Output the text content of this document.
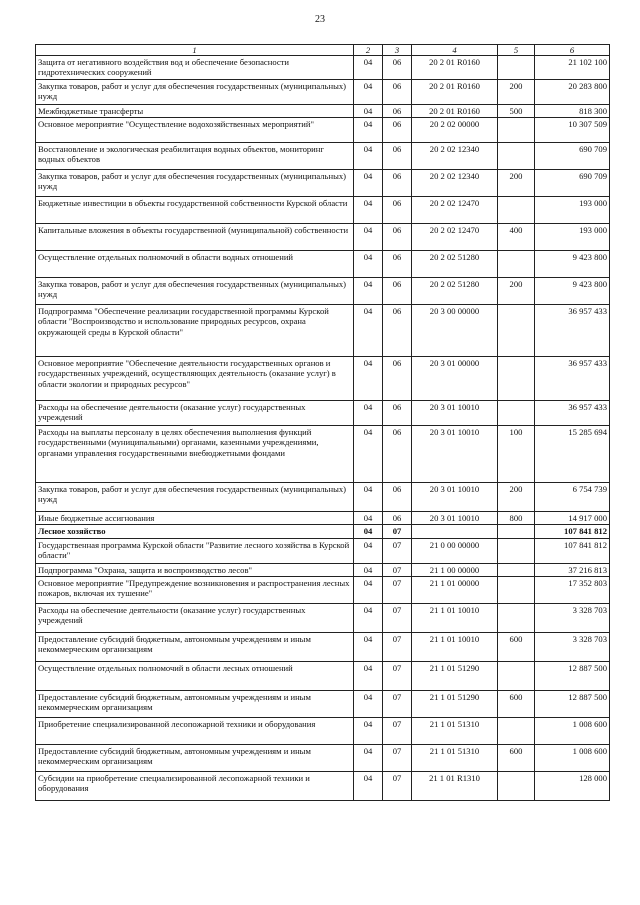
23
1	2	3	4	5	6
Защита от негативного воздействия вод и обеспечение безопасности гидротехнических сооружений	04	06	20 2 01 R0160		21 102 100
Закупка товаров, работ и услуг для обеспечения государственных (муниципальных) нужд	04	06	20 2 01 R0160	200	20 283 800
Межбюджетные трансферты	04	06	20 2 01 R0160	500	818 300
Основное мероприятие "Осуществление водохозяйственных мероприятий"	04	06	20 2 02 00000		10 307 509
Восстановление и экологическая реабилитация водных объектов, мониторинг водных объектов	04	06	20 2 02 12340		690 709
Закупка товаров, работ и услуг для обеспечения государственных (муниципальных) нужд	04	06	20 2 02 12340	200	690 709
Бюджетные инвестиции в объекты государственной собственности Курской области	04	06	20 2 02 12470		193 000
Капитальные вложения в объекты государственной (муниципальной) собственности	04	06	20 2 02 12470	400	193 000
Осуществление отдельных полномочий в области водных отношений	04	06	20 2 02 51280		9 423 800
Закупка товаров, работ и услуг для обеспечения государственных (муниципальных) нужд	04	06	20 2 02 51280	200	9 423 800
Подпрограмма "Обеспечение реализации государственной программы Курской области "Воспроизводство и использование природных ресурсов, охрана окружающей среды в Курской области"	04	06	20 3 00 00000		36 957 433
Основное мероприятие "Обеспечение деятельности государственных органов и государственных учреждений, осуществляющих деятельность (оказание услуг) в области экологии и природных ресурсов"	04	06	20 3 01 00000		36 957 433
Расходы на обеспечение деятельности (оказание услуг) государственных учреждений	04	06	20 3 01 10010		36 957 433
Расходы на выплаты персоналу в целях обеспечения выполнения функций государственными (муниципальными) органами, казенными учреждениями, органами управления государственными внебюджетными фондами	04	06	20 3 01 10010	100	15 285 694
Закупка товаров, работ и услуг для обеспечения государственных (муниципальных) нужд	04	06	20 3 01 10010	200	6 754 739
Иные бюджетные ассигнования	04	06	20 3 01 10010	800	14 917 000
Лесное хозяйство	04	07			107 841 812
Государственная программа Курской области "Развитие лесного хозяйства в Курской области"	04	07	21 0 00 00000		107 841 812
Подпрограмма "Охрана, защита и воспроизводство лесов"	04	07	21 1 00 00000		37 216 813
Основное мероприятие "Предупреждение возникновения и распространения лесных пожаров, включая их тушение"	04	07	21 1 01 00000		17 352 803
Расходы на обеспечение деятельности (оказание услуг) государственных учреждений	04	07	21 1 01 10010		3 328 703
Предоставление субсидий бюджетным, автономным учреждениям и иным некоммерческим организациям	04	07	21 1 01 10010	600	3 328 703
Осуществление отдельных полномочий в области лесных отношений	04	07	21 1 01 51290		12 887 500
Предоставление субсидий бюджетным, автономным учреждениям и иным некоммерческим организациям	04	07	21 1 01 51290	600	12 887 500
Приобретение специализированной лесопожарной техники и оборудования	04	07	21 1 01 51310		1 008 600
Предоставление субсидий бюджетным, автономным учреждениям и иным некоммерческим организациям	04	07	21 1 01 51310	600	1 008 600
Субсидии на приобретение специализированной лесопожарной техники и оборудования	04	07	21 1 01 R1310		128 000
